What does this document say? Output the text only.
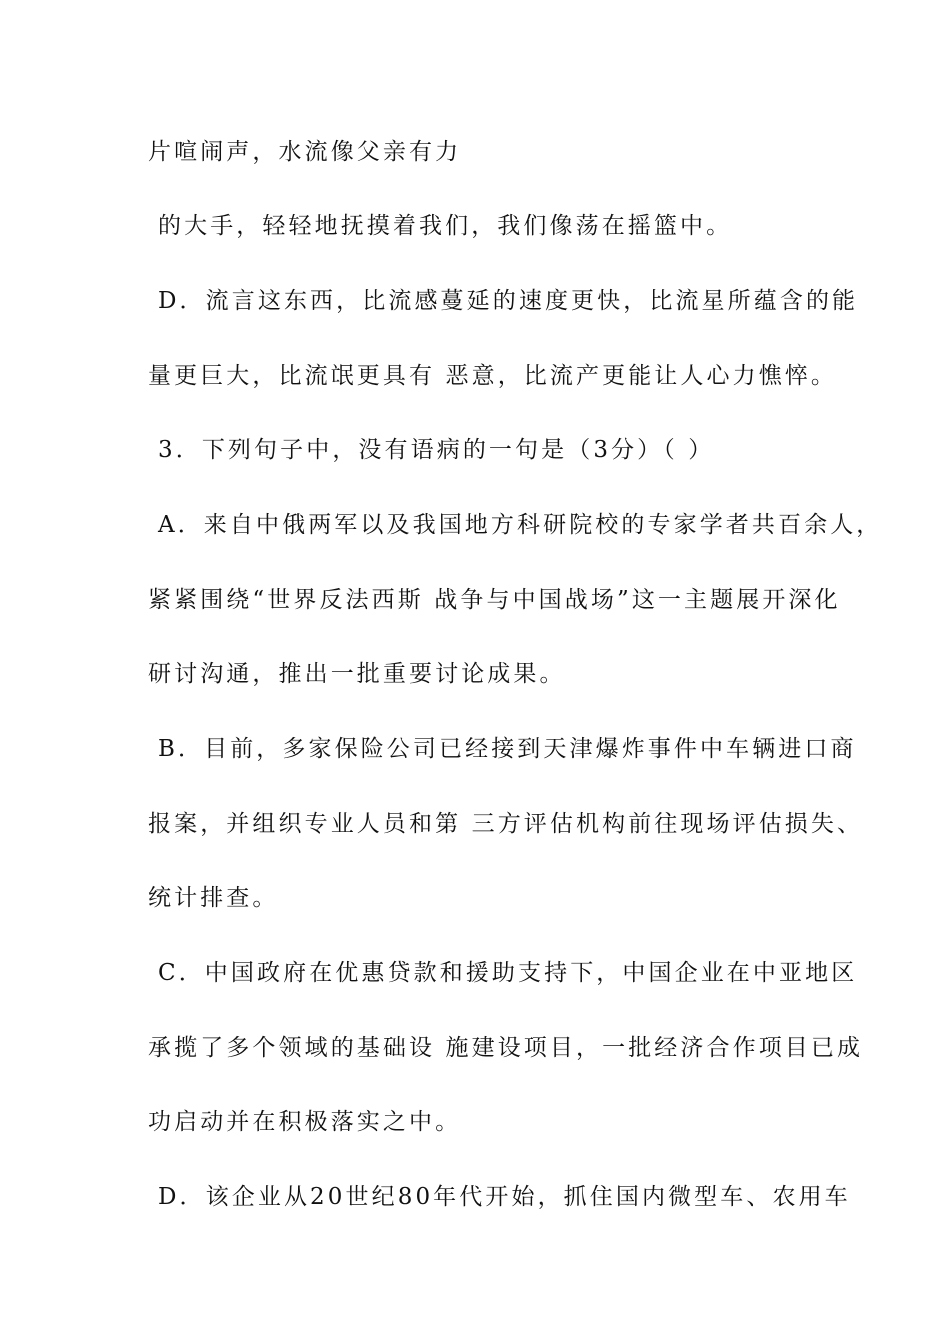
片喧闹声，水流像父亲有力

的大手，轻轻地抚摸着我们，我们像荡在摇篮中。

D．流言这东西，比流感蔓延的速度更快，比流星所蕴含的能

量更巨大，比流氓更具有 恶意，比流产更能让人心力憔悴。

3．下列句子中，没有语病的一句是（3分）（ ）

A．来自中俄两军以及我国地方科研院校的专家学者共百余人，

紧紧围绕“世界反法西斯 战争与中国战场”这一主题展开深化

研讨沟通，推出一批重要讨论成果。

B．目前，多家保险公司已经接到天津爆炸事件中车辆进口商

报案，并组织专业人员和第 三方评估机构前往现场评估损失、

统计排查。

C．中国政府在优惠贷款和援助支持下，中国企业在中亚地区

承揽了多个领域的基础设 施建设项目，一批经济合作项目已成

功启动并在积极落实之中。

D．该企业从20世纪80年代开始，抓住国内微型车、农用车
